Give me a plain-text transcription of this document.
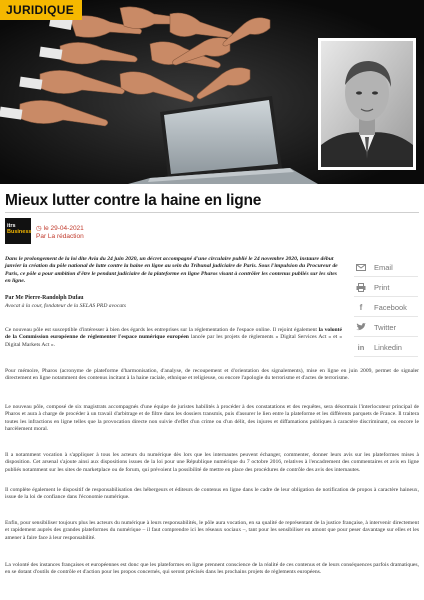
JURIDIQUE
Mieux lutter contre la haine en ligne
itrs
Business ◷ le 29-04-2021
Par La rédaction
Email
Print
f	Facebook
Twitter
in	Linkedin

Dans le prolongement de la loi dite Avia du 24 juin 2020, un décret accompagné d'une circulaire publié le 24 novembre 2020, instaure début janvier la création du pôle national de lutte contre la haine en ligne au sein du Tribunal judiciaire de Paris. Sous l'impulsion du Procureur de Paris, ce pôle a pour ambition d'être le pendant judiciaire de la plateforme en ligne Pharos visant à contrôler les contenus publiés sur les sites en ligne.

Par Me Pierre-Randolph Dufau
Avocat à la cour, fondateur de la SELAS PRD avocats

Ce nouveau pôle est susceptible d'intéresser à bien des égards les entreprises sur la réglementation de l'espace online. Il rejoint également la volonté de la Commission européenne de réglementer l'espace numérique européen lancée par les projets de règlements « Digital Services Act » et « Digital Markets Act ».

Pour mémoire, Pharos (acronyme de plateforme d'harmonisation, d'analyse, de recoupement et d'orientation des signalements), mise en ligne en juin 2009, permet de signaler directement en ligne notamment des contenus incitant à la haine raciale, ethnique et religieuse, ou encore l'apologie du terrorisme et d'actes de terrorisme.

Le nouveau pôle, composé de six magistrats accompagnés d'une équipe de juristes habilités à procéder à des constatations et des requêtes, sera désormais l'interlocuteur principal de Pharos et aura à charge de procéder à un travail d'arbitrage et de filtre dans les dossiers transmis, puis d'assurer le lien entre la plateforme et les différents parquets de France. Il traitera toutes les infractions en ligne telles que la provocation directe non suivie d'effet d'un crime ou d'un délit, des injures et diffamations publiques à caractère discriminant, ou encore le harcèlement moral.

Il a notamment vocation à s'appliquer à tous les acteurs du numérique dès lors que les internautes peuvent échanger, commenter, donner leurs avis sur les plateformes mises à disposition. Cet arsenal s'ajoute ainsi aux dispositions issues de la loi pour une République numérique du 7 octobre 2016, relatives à l'encadrement des commentaires et avis en ligne publiés notamment sur les sites de marketplace ou de forum, qui prévoient la possibilité de mettre en place des procédures de contrôle des avis des internautes.

Il complète également le dispositif de responsabilisation des hébergeurs et éditeurs de contenus en ligne dans le cadre de leur obligation de notification de propos à caractère haineux, issue de la loi de confiance dans l'économie numérique.

Enfin, pour sensibiliser toujours plus les acteurs du numérique à leurs responsabilités, le pôle aura vocation, en sa qualité de représentant de la justice française, à intervenir directement et rapidement auprès des grandes plateformes du numérique – il faut comprendre ici les réseaux sociaux –, tant pour les sensibiliser en amont que pour peser davantage sur elles et les amener à faire face à leur responsabilité.

La volonté des instances françaises et européennes est donc que les plateformes en ligne prennent conscience de la réalité de ces contenus et de leurs conséquences parfois dramatiques, en se dotant d'outils de contrôle et d'action pour les propos concernés, qui seront précisés dans les prochains projets de règlements européens.
